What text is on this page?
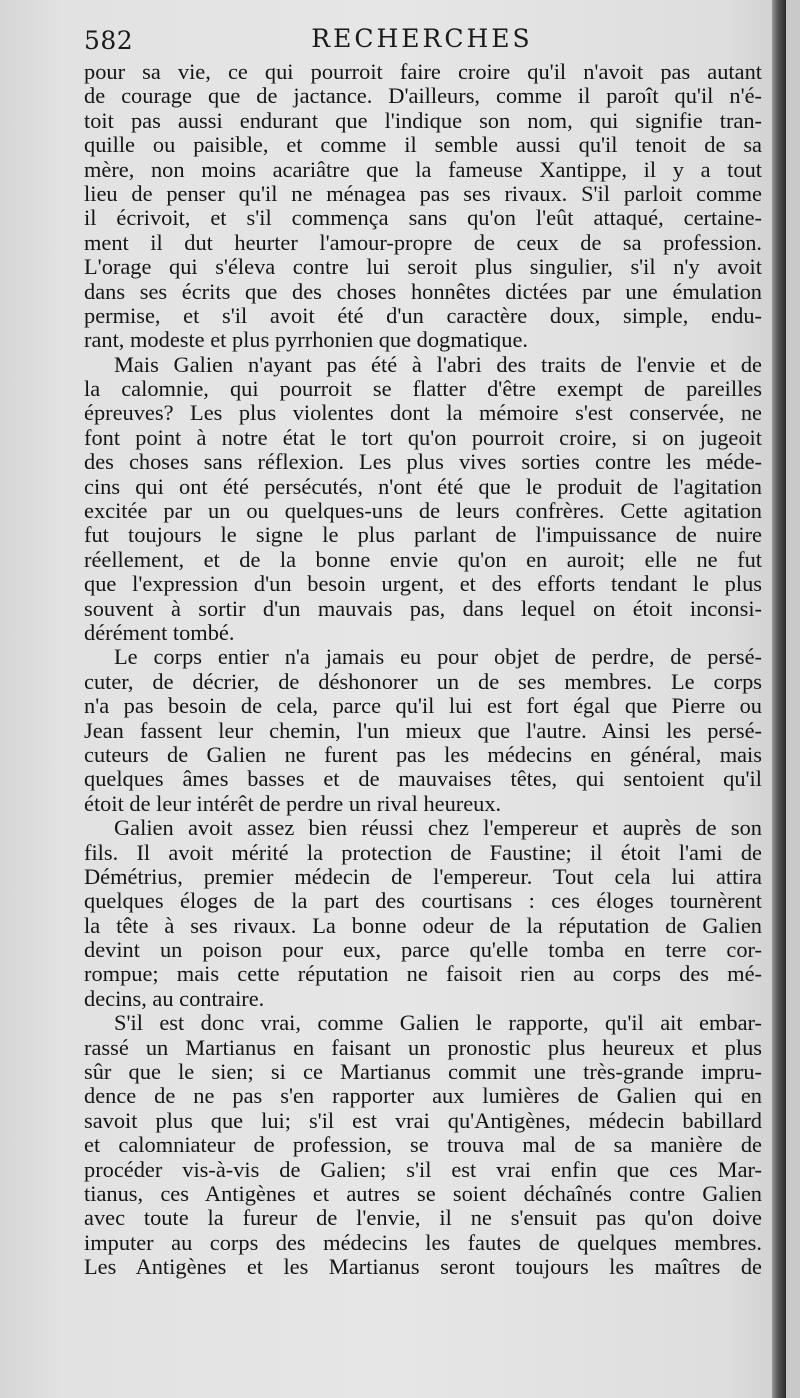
582	RECHERCHES
pour sa vie, ce qui pourroit faire croire qu'il n'avoit pas autant
de courage que de jactance. D'ailleurs, comme il paroît qu'il n'é-
toit pas aussi endurant que l'indique son nom, qui signifie tran-
quille ou paisible, et comme il semble aussi qu'il tenoit de sa
mère, non moins acariâtre que la fameuse Xantippe, il y a tout
lieu de penser qu'il ne ménagea pas ses rivaux. S'il parloit comme
il écrivoit, et s'il commença sans qu'on l'eût attaqué, certaine-
ment il dut heurter l'amour-propre de ceux de sa profession.
L'orage qui s'éleva contre lui seroit plus singulier, s'il n'y avoit
dans ses écrits que des choses honnêtes dictées par une émulation
permise, et s'il avoit été d'un caractère doux, simple, endu-
rant, modeste et plus pyrrhonien que dogmatique.
Mais Galien n'ayant pas été à l'abri des traits de l'envie et de
la calomnie, qui pourroit se flatter d'être exempt de pareilles
épreuves? Les plus violentes dont la mémoire s'est conservée, ne
font point à notre état le tort qu'on pourroit croire, si on jugeoit
des choses sans réflexion. Les plus vives sorties contre les méde-
cins qui ont été persécutés, n'ont été que le produit de l'agitation
excitée par un ou quelques-uns de leurs confrères. Cette agitation
fut toujours le signe le plus parlant de l'impuissance de nuire
réellement, et de la bonne envie qu'on en auroit; elle ne fut
que l'expression d'un besoin urgent, et des efforts tendant le plus
souvent à sortir d'un mauvais pas, dans lequel on étoit inconsi-
dérément tombé.
Le corps entier n'a jamais eu pour objet de perdre, de persé-
cuter, de décrier, de déshonorer un de ses membres. Le corps
n'a pas besoin de cela, parce qu'il lui est fort égal que Pierre ou
Jean fassent leur chemin, l'un mieux que l'autre. Ainsi les persé-
cuteurs de Galien ne furent pas les médecins en général, mais
quelques âmes basses et de mauvaises têtes, qui sentoient qu'il
étoit de leur intérêt de perdre un rival heureux.
Galien avoit assez bien réussi chez l'empereur et auprès de son
fils. Il avoit mérité la protection de Faustine; il étoit l'ami de
Démétrius, premier médecin de l'empereur. Tout cela lui attira
quelques éloges de la part des courtisans : ces éloges tournèrent
la tête à ses rivaux. La bonne odeur de la réputation de Galien
devint un poison pour eux, parce qu'elle tomba en terre cor-
rompue; mais cette réputation ne faisoit rien au corps des mé-
decins, au contraire.
S'il est donc vrai, comme Galien le rapporte, qu'il ait embar-
rassé un Martianus en faisant un pronostic plus heureux et plus
sûr que le sien; si ce Martianus commit une très-grande impru-
dence de ne pas s'en rapporter aux lumières de Galien qui en
savoit plus que lui; s'il est vrai qu'Antigènes, médecin babillard
et calomniateur de profession, se trouva mal de sa manière de
procéder vis-à-vis de Galien; s'il est vrai enfin que ces Mar-
tianus, ces Antigènes et autres se soient déchaînés contre Galien
avec toute la fureur de l'envie, il ne s'ensuit pas qu'on doive
imputer au corps des médecins les fautes de quelques membres.
Les Antigènes et les Martianus seront toujours les maîtres de
